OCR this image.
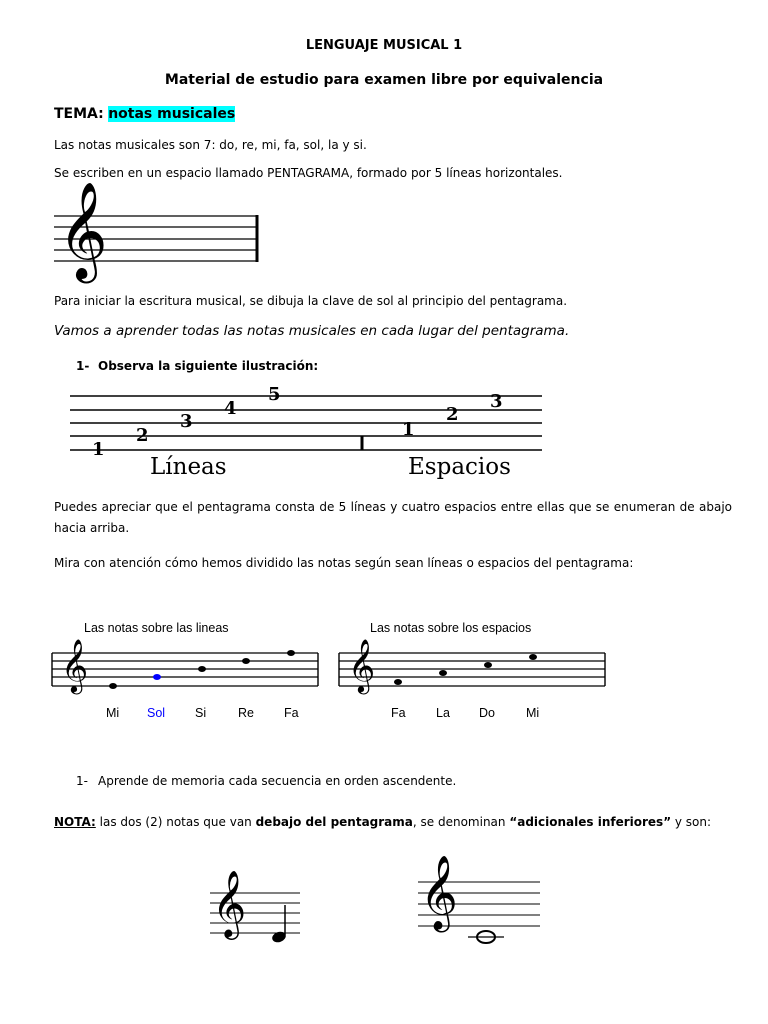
LENGUAJE MUSICAL 1
Material de estudio para examen libre por equivalencia
TEMA: notas musicales
Las notas musicales son 7: do, re, mi, fa, sol, la y si.
Se escriben en un espacio llamado PENTAGRAMA, formado por 5 líneas horizontales.
𝄞
Para iniciar la escritura musical, se dibuja la clave de sol al principio del pentagrama.
Vamos a aprender todas las notas musicales en cada lugar del pentagrama.
1- Observa la siguiente ilustración:
1
2
3
4
5
1
2
3
Líneas	Espacios
Puedes apreciar que el pentagrama consta de 5 líneas y cuatro espacios entre ellas que se enumeran de abajo hacia arriba.
Mira con atención cómo hemos dividido las notas según sean líneas o espacios del pentagrama:
Las notas sobre las lineas	Las notas sobre los espacios
𝄞	𝄞
Mi Sol Si	Re Fa	Fa La Do Mi
1- Aprende de memoria cada secuencia en orden ascendente.
NOTA: las dos (2) notas que van debajo del pentagrama, se denominan “adicionales inferiores” y son:
𝄞	𝄞
